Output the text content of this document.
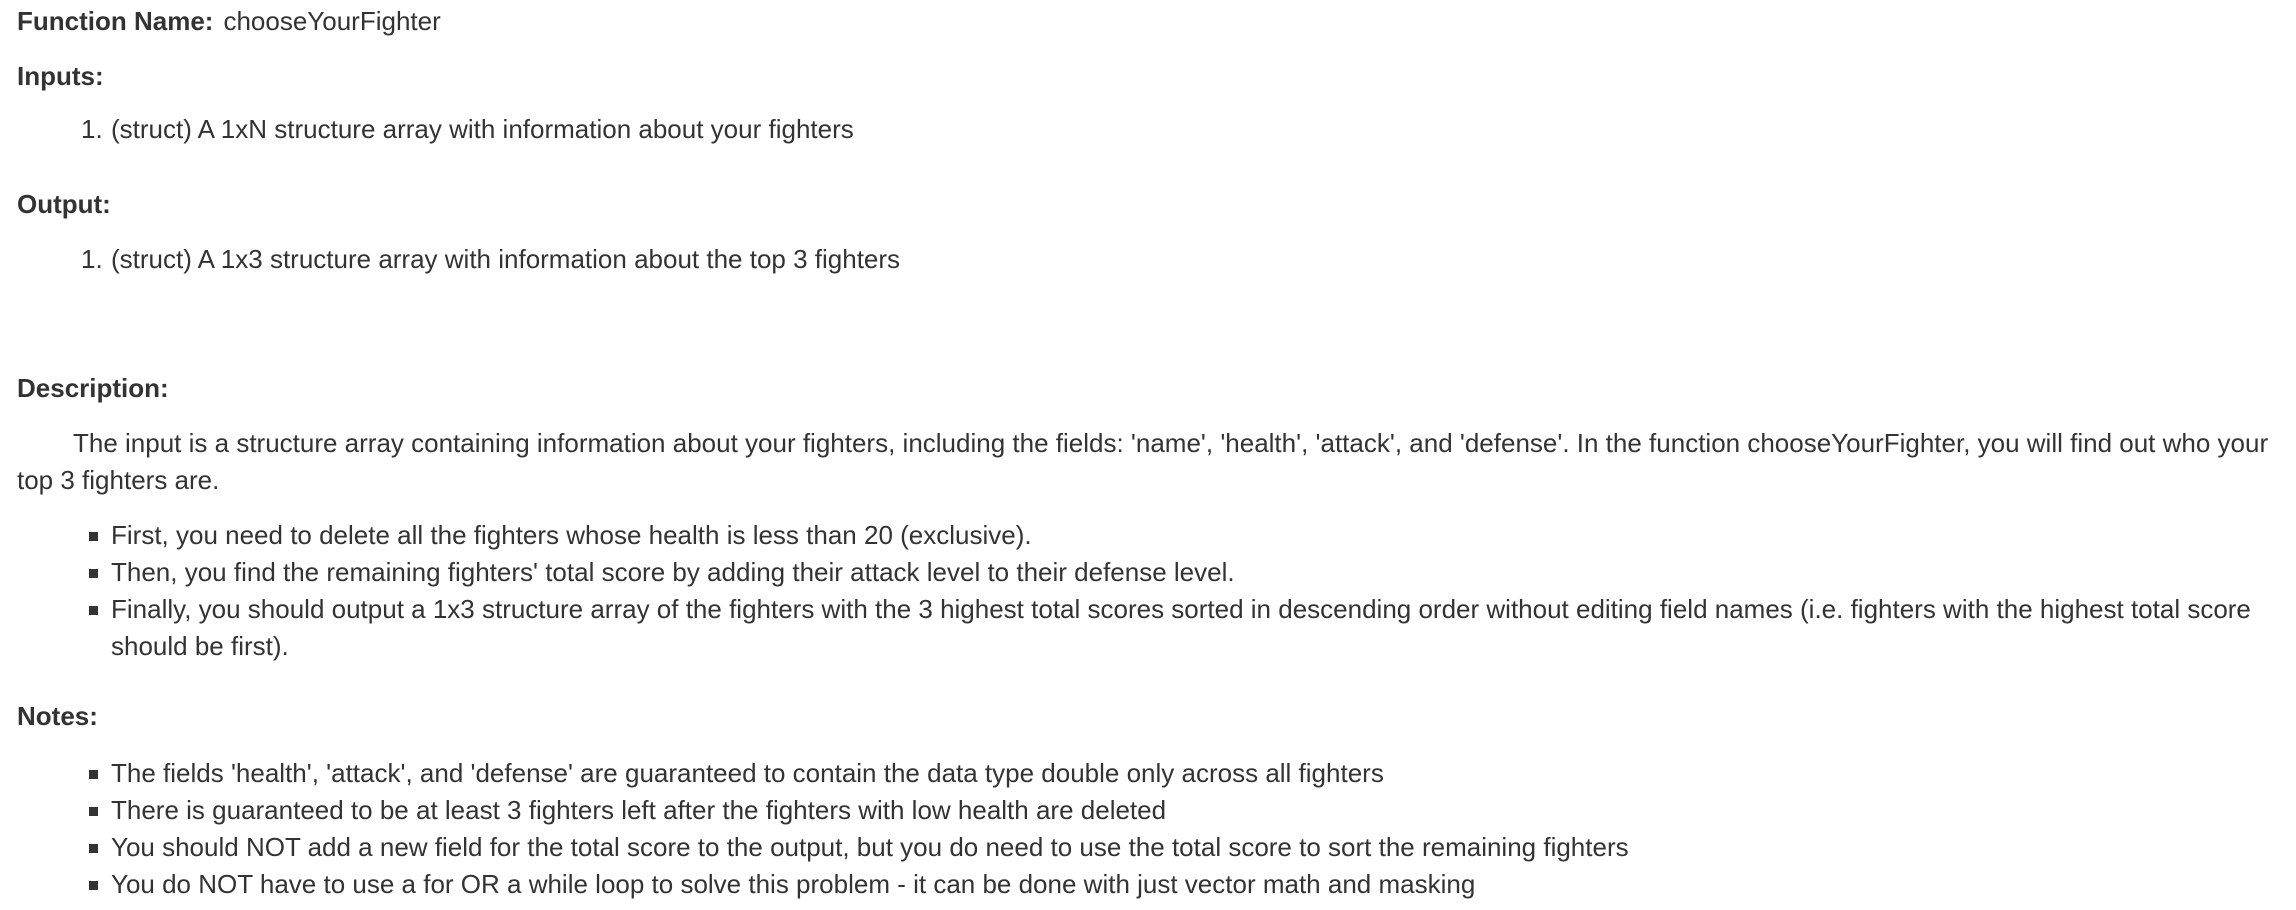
Function Name: chooseYourFighter

Inputs:

1. (struct) A 1xN structure array with information about your fighters

Output:

1. (struct) A 1x3 structure array with information about the top 3 fighters

Description:

The input is a structure array containing information about your fighters, including the fields: 'name', 'health', 'attack', and 'defense'. In the function chooseYourFighter, you will find out who your top 3 fighters are.

First, you need to delete all the fighters whose health is less than 20 (exclusive).
Then, you find the remaining fighters' total score by adding their attack level to their defense level.
Finally, you should output a 1x3 structure array of the fighters with the 3 highest total scores sorted in descending order without editing field names (i.e. fighters with the highest total score should be first).

Notes:

The fields 'health', 'attack', and 'defense' are guaranteed to contain the data type double only across all fighters
There is guaranteed to be at least 3 fighters left after the fighters with low health are deleted
You should NOT add a new field for the total score to the output, but you do need to use the total score to sort the remaining fighters
You do NOT have to use a for OR a while loop to solve this problem - it can be done with just vector math and masking
